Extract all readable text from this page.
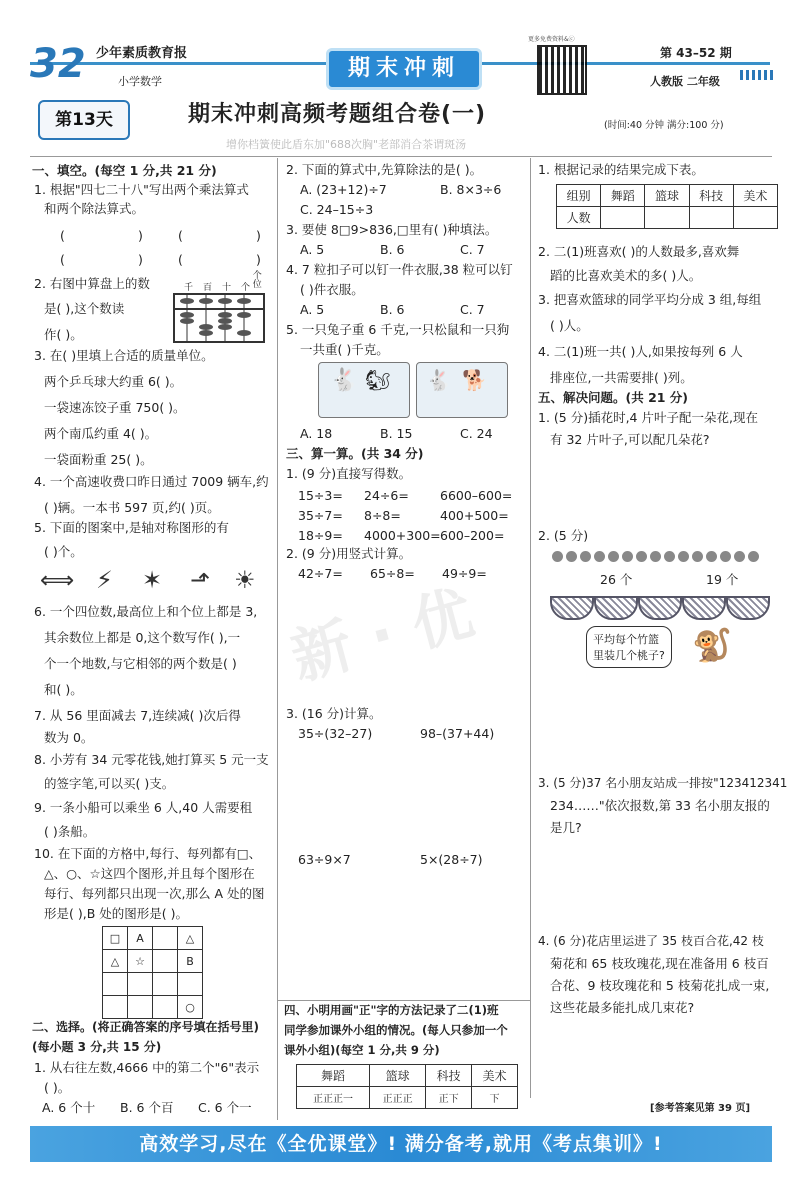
32 少年素质教育报
小学数学
期末冲刺
更多免费资料&ⓒ
第 43–52 期
人教版 二年级
第13天	期末冲刺高频考题组合卷(一)	(时间:40 分钟 满分:100 分)
增你档簧使此盾东加"688次胸"老部消合茶谓斑汤
一、填空。(每空 1 分,共 21 分)
1. 根据"四七二十八"写出两个乘法算式
和两个除法算式。
(	)	(	)
(	)	(	)
2. 右图中算盘上的数
是( ),这个数读
作( )。
个位
千 百 十 个
3. 在( )里填上合适的质量单位。
两个乒乓球大约重 6( )。
一袋速冻饺子重 750( )。
两个南瓜约重 4( )。
一袋面粉重 25( )。
4. 一个高速收费口昨日通过 7009 辆车,约
( )辆。一本书 597 页,约( )页。
5. 下面的图案中,是轴对称图形的有
( )个。
⟺ ⚡ ✶ ⬏ ☀
6. 一个四位数,最高位上和个位上都是 3,
其余数位上都是 0,这个数写作( ),一
个一个地数,与它相邻的两个数是( )
和( )。
7. 从 56 里面减去 7,连续减( )次后得
数为 0。
8. 小芳有 34 元零花钱,她打算买 5 元一支
的签字笔,可以买( )支。
9. 一条小船可以乘坐 6 人,40 人需要租
( )条船。
10. 在下面的方格中,每行、每列都有□、
△、○、☆这四个图形,并且每个图形在
每行、每列都只出现一次,那么 A 处的图
形是( ),B 处的图形是( )。
□	A		△
△	☆		B

			○
二、选择。(将正确答案的序号填在括号里)
(每小题 3 分,共 15 分)
1. 从右往左数,4666 中的第二个"6"表示
( )。
A. 6 个十 B. 6 个百 C. 6 个一
2. 下面的算式中,先算除法的是( )。
A. (23+12)÷7	B. 8×3÷6
C. 24–15÷3
3. 要使 8□9>836,□里有( )种填法。
A. 5	B. 6	C. 7
4. 7 粒扣子可以钉一件衣服,38 粒可以钉
( )件衣服。
A. 5	B. 6	C. 7
5. 一只兔子重 6 千克,一只松鼠和一只狗
一共重( )千克。
🐇 🐿 🐇 🐕
A. 18	B. 15	C. 24
三、算一算。(共 34 分)
1. (9 分)直接写得数。
15÷3= 24÷6= 6600–600=
35÷7= 8÷8=	400+500=
18÷9= 4000+300= 600–200=
2. (9 分)用竖式计算。
42÷7= 65÷8= 49÷9=
新 · 优
3. (16 分)计算。
35÷(32–27)	98–(37+44)
63÷9×7	5×(28÷7)
四、小明用画"正"字的方法记录了二(1)班
同学参加课外小组的情况。(每人只参加一个
课外小组)(每空 1 分,共 9 分)
舞蹈	篮球	科技	美术
正正正一	正正正	正下	下
1. 根据记录的结果完成下表。
组别	舞蹈	篮球	科技	美术
人数				
2. 二(1)班喜欢( )的人数最多,喜欢舞
蹈的比喜欢美术的多( )人。
3. 把喜欢篮球的同学平均分成 3 组,每组
( )人。
4. 二(1)班一共( )人,如果按每列 6 人
排座位,一共需要排( )列。
五、解决问题。(共 21 分)
1. (5 分)插花时,4 片叶子配一朵花,现在
有 32 片叶子,可以配几朵花?
2. (5 分)
26 个	19 个
平均每个竹篮
里装几个桃子? 🐒
3. (5 分)37 名小朋友站成一排按"123412341
234……"依次报数,第 33 名小朋友报的
是几?
4. (6 分)花店里运进了 35 枝百合花,42 枝
菊花和 65 枝玫瑰花,现在准备用 6 枝百
合花、9 枝玫瑰花和 5 枝菊花扎成一束,
这些花最多能扎成几束花?
[参考答案见第 39 页]
高效学习,尽在《全优课堂》! 满分备考,就用《考点集训》!
